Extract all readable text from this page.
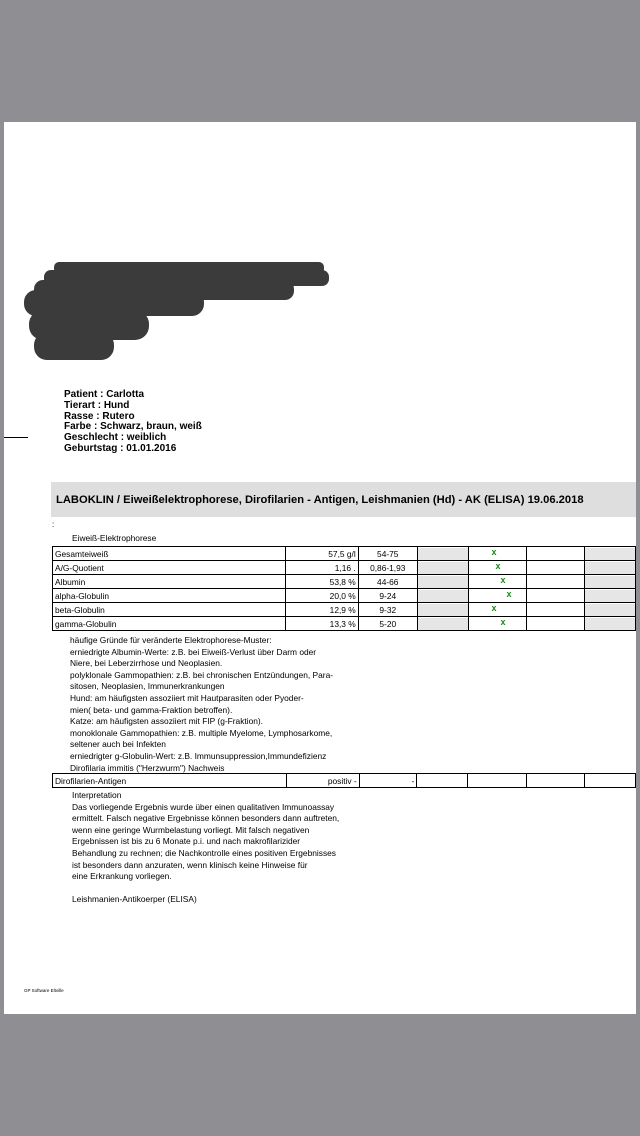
Patient : Carlotta
Tierart : Hund
Rasse : Rutero
Farbe : Schwarz, braun, weiß
Geschlecht : weiblich
Geburtstag : 01.01.2016
LABOKLIN / Eiweißelektrophorese, Dirofilarien - Antigen, Leishmanien (Hd) - AK (ELISA) 19.06.2018
:
Eiweiß-Elektrophorese
Gesamteiweiß	57,5 g/l	54-75		x		

A/G-Quotient	1,16 .	0,86-1,93		x		

Albumin	53,8 %	44-66		x		

alpha-Globulin	20,0 %	9-24		x		

beta-Globulin	12,9 %	9-32		x		

gamma-Globulin	13,3 %	5-20		x		

häufige Gründe für veränderte Elektrophorese-Muster:
erniedrigte Albumin-Werte: z.B. bei Eiweiß-Verlust über Darm oder
Niere, bei Leberzirrhose und Neoplasien.
polyklonale Gammopathien: z.B. bei chronischen Entzündungen, Para-
sitosen, Neoplasien, Immunerkrankungen
Hund: am häufigsten assoziiert mit Hautparasiten oder Pyoder-
mien( beta- und gamma-Fraktion betroffen).
Katze: am häufigsten assoziiert mit FIP (g-Fraktion).
monoklonale Gammopathien: z.B. multiple Myelome, Lymphosarkome,
seltener auch bei Infekten
erniedrigter g-Globulin-Wert: z.B. Immunsuppression,Immundefizienz
Dirofilaria immitis ("Herzwurm") Nachweis
Dirofilarien-Antigen	positiv -	-				
Interpretation
Das vorliegende Ergebnis wurde über einen qualitativen Immunoassay
ermittelt. Falsch negative Ergebnisse können besonders dann auftreten,
wenn eine geringe Wurmbelastung vorliegt. Mit falsch negativen
Ergebnissen ist bis zu 6 Monate p.i. und nach makrofilarizider
Behandlung zu rechnen; die Nachkontrolle eines positiven Ergebnisses
ist besonders dann anzuraten, wenn klinisch keine Hinweise für
eine Erkrankung vorliegen.
Leishmanien-Antikoerper (ELISA)
GP Software Eltville
